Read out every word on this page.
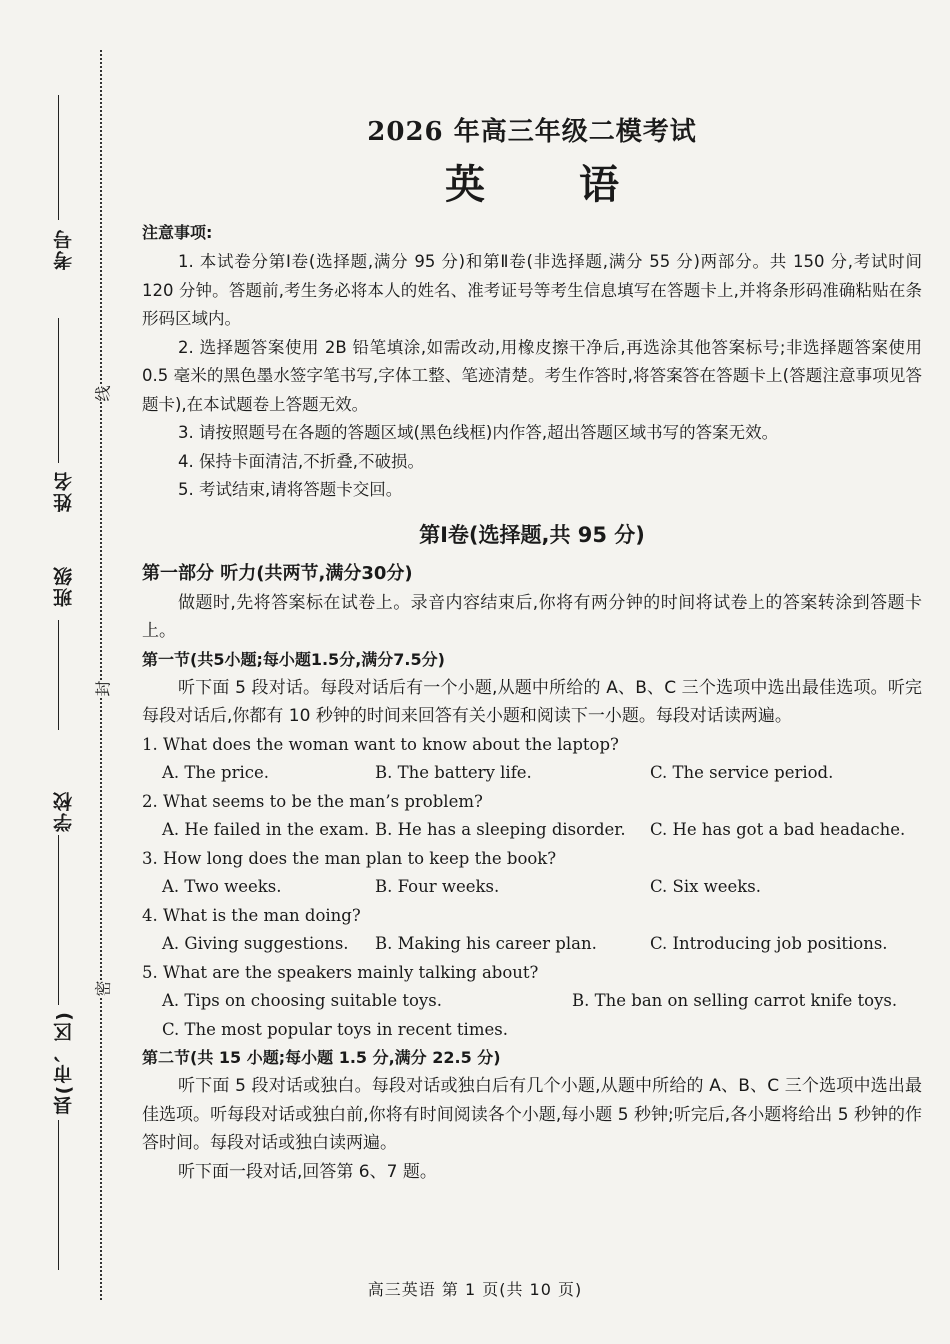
考号
线
姓名
班级
封
学校
密
县(市、区)
2026 年高三年级二模考试
英 语
注意事项:

1. 本试卷分第Ⅰ卷(选择题,满分 95 分)和第Ⅱ卷(非选择题,满分 55 分)两部分。共 150 分,考试时间 120 分钟。答题前,考生务必将本人的姓名、准考证号等考生信息填写在答题卡上,并将条形码准确粘贴在条形码区域内。

2. 选择题答案使用 2B 铅笔填涂,如需改动,用橡皮擦干净后,再选涂其他答案标号;非选择题答案使用 0.5 毫米的黑色墨水签字笔书写,字体工整、笔迹清楚。考生作答时,将答案答在答题卡上(答题注意事项见答题卡),在本试题卷上答题无效。

3. 请按照题号在各题的答题区域(黑色线框)内作答,超出答题区域书写的答案无效。

4. 保持卡面清洁,不折叠,不破损。

5. 考试结束,请将答题卡交回。

第Ⅰ卷(选择题,共 95 分)
第一部分 听力(共两节,满分30分)

做题时,先将答案标在试卷上。录音内容结束后,你将有两分钟的时间将试卷上的答案转涂到答题卡上。

第一节(共5小题;每小题1.5分,满分7.5分)

听下面 5 段对话。每段对话后有一个小题,从题中所给的 A、B、C 三个选项中选出最佳选项。听完每段对话后,你都有 10 秒钟的时间来回答有关小题和阅读下一小题。每段对话读两遍。

1. What does the woman want to know about the laptop?
A. The price.	B. The battery life.	C. The service period.
2. What seems to be the man’s problem?
A. He failed in the exam. B. He has a sleeping disorder. C. He has got a bad headache.
3. How long does the man plan to keep the book?
A. Two weeks.	B. Four weeks.	C. Six weeks.
4. What is the man doing?
A. Giving suggestions. B. Making his career plan.	C. Introducing job positions.
5. What are the speakers mainly talking about?
A. Tips on choosing suitable toys.	B. The ban on selling carrot knife toys.
C. The most popular toys in recent times.
第二节(共 15 小题;每小题 1.5 分,满分 22.5 分)

听下面 5 段对话或独白。每段对话或独白后有几个小题,从题中所给的 A、B、C 三个选项中选出最佳选项。听每段对话或独白前,你将有时间阅读各个小题,每小题 5 秒钟;听完后,各小题将给出 5 秒钟的作答时间。每段对话或独白读两遍。

听下面一段对话,回答第 6、7 题。

高三英语 第 1 页(共 10 页)
